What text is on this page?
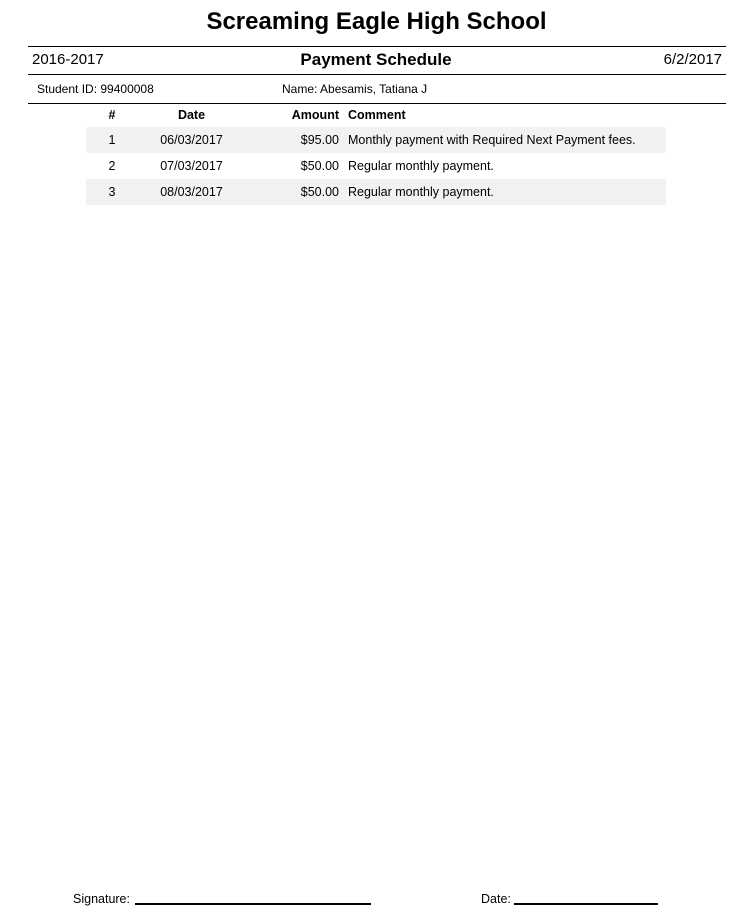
Screaming Eagle High School
2016-2017	Payment Schedule	6/2/2017
Student ID: 99400008	Name: Abesamis, Tatiana J
#	Date	Amount Comment
1	06/03/2017	$95.00 Monthly payment with Required Next Payment fees.
2	07/03/2017	$50.00 Regular monthly payment.
3	08/03/2017	$50.00 Regular monthly payment.
Signature:	Date:
